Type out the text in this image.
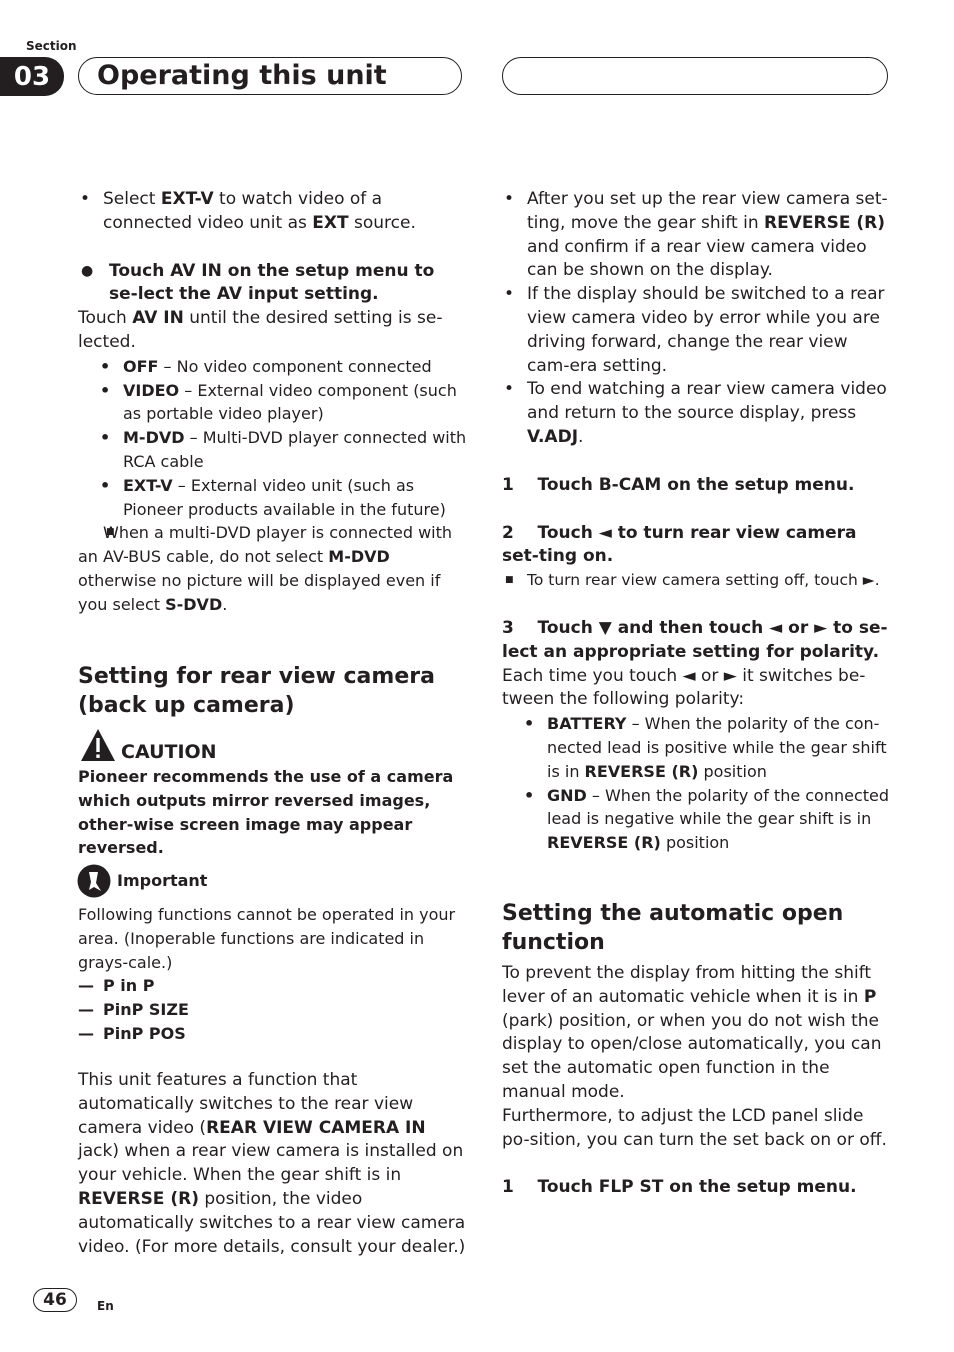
Section
03	Operating this unit

• Select EXT-V to watch video of a connected video unit as EXT source.

● Touch AV IN on the setup menu to se-lect the AV input setting.

Touch AV IN until the desired setting is se-lected.

• OFF – No video component connected

• VIDEO – External video component (such as portable video player)

• M-DVD – Multi-DVD player connected with RCA cable

• EXT-V – External video unit (such as Pioneer products available in the future)

■ When a multi-DVD player is connected with an AV-BUS cable, do not select M-DVD otherwise no picture will be displayed even if you select S-DVD.

Setting for rear view camera (back up camera)
CAUTION
Pioneer recommends the use of a camera which outputs mirror reversed images, other-wise screen image may appear reversed.
Important

Following functions cannot be operated in your area. (Inoperable functions are indicated in grays-cale.)

— P in P

— PinP SIZE

— PinP POS

This unit features a function that automatically switches to the rear view camera video (REAR VIEW CAMERA IN jack) when a rear view camera is installed on your vehicle. When the gear shift is in REVERSE (R) position, the video automatically switches to a rear view camera video. (For more details, consult your dealer.)

• After you set up the rear view camera set-ting, move the gear shift in REVERSE (R) and confirm if a rear view camera video can be shown on the display.

• If the display should be switched to a rear view camera video by error while you are driving forward, change the rear view cam-era setting.

• To end watching a rear view camera video and return to the source display, press V.ADJ.

1    Touch B-CAM on the setup menu.

2    Touch ◄ to turn rear view camera set-ting on.

■ To turn rear view camera setting off, touch ►.

3    Touch ▼ and then touch ◄ or ► to se-lect an appropriate setting for polarity.

Each time you touch ◄ or ► it switches be-tween the following polarity:

• BATTERY – When the polarity of the con-nected lead is positive while the gear shift is in REVERSE (R) position

• GND – When the polarity of the connected lead is negative while the gear shift is in REVERSE (R) position

Setting the automatic open function

To prevent the display from hitting the shift lever of an automatic vehicle when it is in P (park) position, or when you do not wish the display to open/close automatically, you can set the automatic open function in the manual mode.

Furthermore, to adjust the LCD panel slide po-sition, you can turn the set back on or off.

1    Touch FLP ST on the setup menu.

46	En
